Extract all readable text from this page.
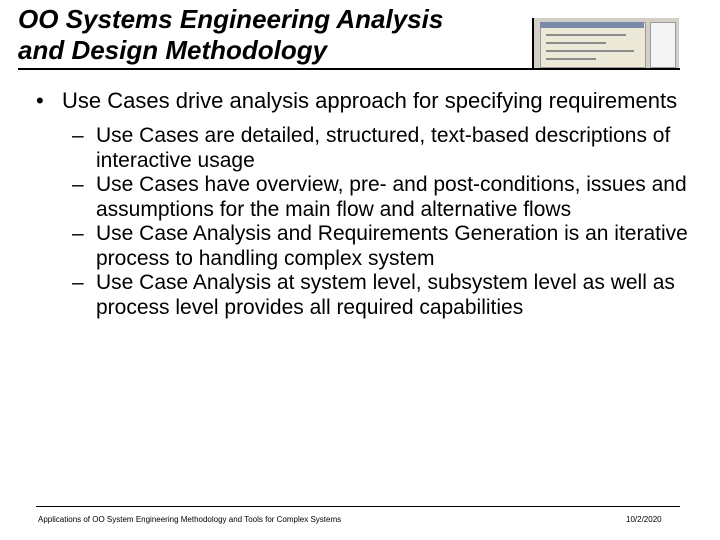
OO Systems Engineering Analysis
and Design Methodology
• Use Cases drive analysis approach for specifying requirements
– Use Cases are detailed, structured, text-based descriptions of interactive usage
– Use Cases have overview, pre- and post-conditions, issues and assumptions for the main flow and alternative flows
– Use Case Analysis and Requirements Generation is an iterative process to handling complex system
– Use Case Analysis at system level, subsystem level as well as process level provides all required capabilities
Applications of OO System Engineering Methodology and Tools for Complex Systems	10/2/2020
